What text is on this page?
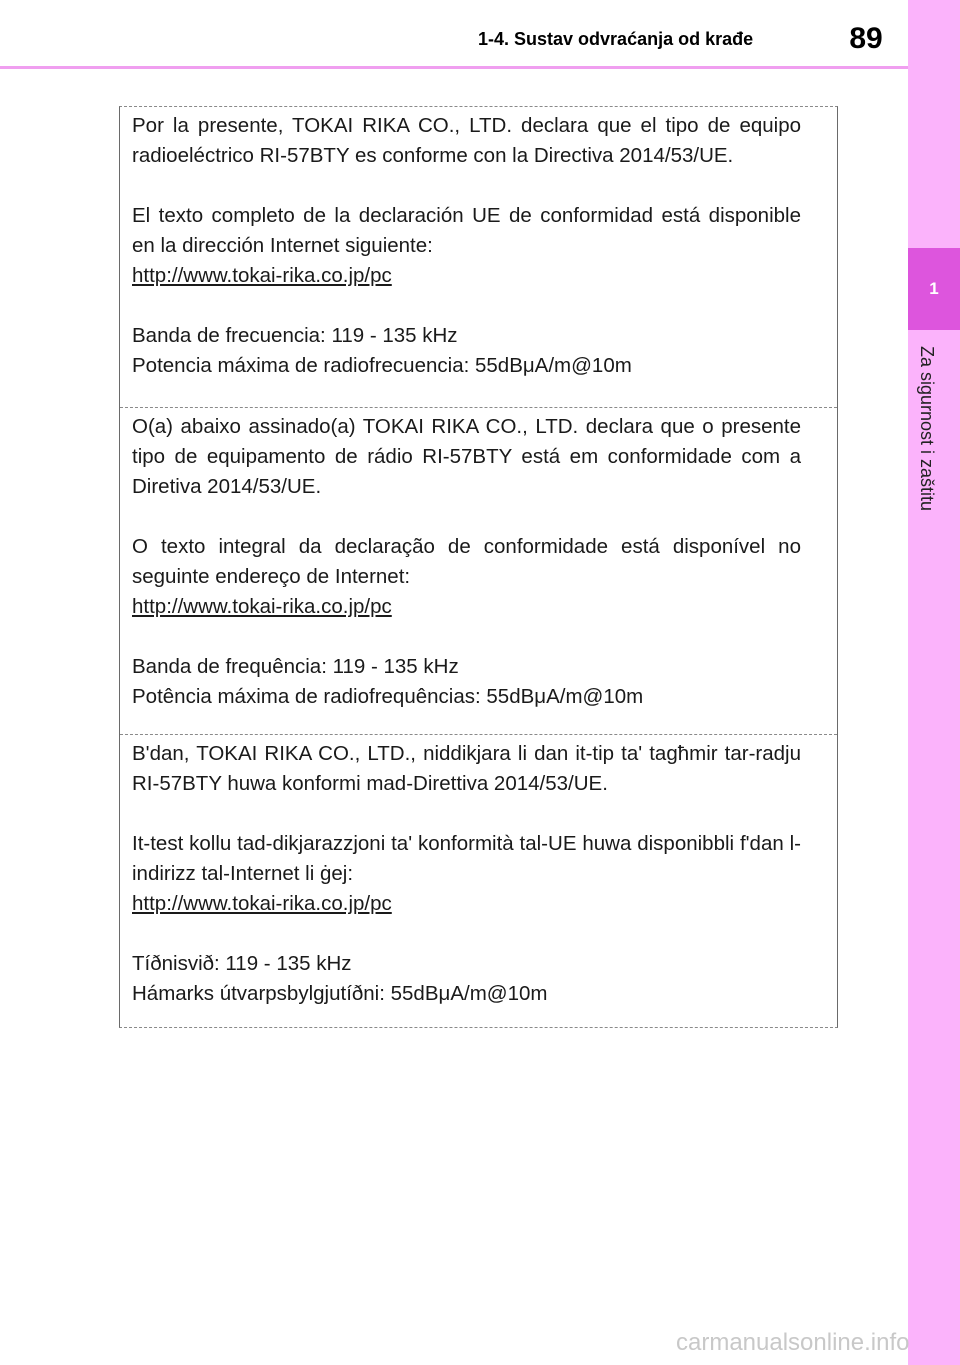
1-4. Sustav odvraćanja od krađe	89
1
Za sigurnost i zaštitu

Por la presente, TOKAI RIKA CO., LTD. declara que el tipo de equipo radioeléctrico RI-57BTY es conforme con la Directiva 2014/53/UE.

El texto completo de la declaración UE de conformidad está disponible en la dirección Internet siguiente:

http://www.tokai-rika.co.jp/pc
Banda de frecuencia: 119 - 135 kHz
Potencia máxima de radiofrecuencia: 55dBμA/m@10m

O(a) abaixo assinado(a) TOKAI RIKA CO., LTD. declara que o presente tipo de equipamento de rádio RI-57BTY está em conformidade com a Diretiva 2014/53/UE.

O texto integral da declaração de conformidade está disponível no seguinte endereço de Internet:

http://www.tokai-rika.co.jp/pc
Banda de frequência: 119 - 135 kHz
Potência máxima de radiofrequências: 55dBμA/m@10m

B'dan, TOKAI RIKA CO., LTD., niddikjara li dan it-tip ta' tagħmir tar-radju RI-57BTY huwa konformi mad-Direttiva 2014/53/UE.

It-test kollu tad-dikjarazzjoni ta' konformità tal-UE huwa disponibbli f'dan l-indirizz tal-Internet li ġej:

http://www.tokai-rika.co.jp/pc
Tíðnisvið: 119 - 135 kHz
Hámarks útvarpsbylgjutíðni: 55dBμA/m@10m
carmanualsonline.info
